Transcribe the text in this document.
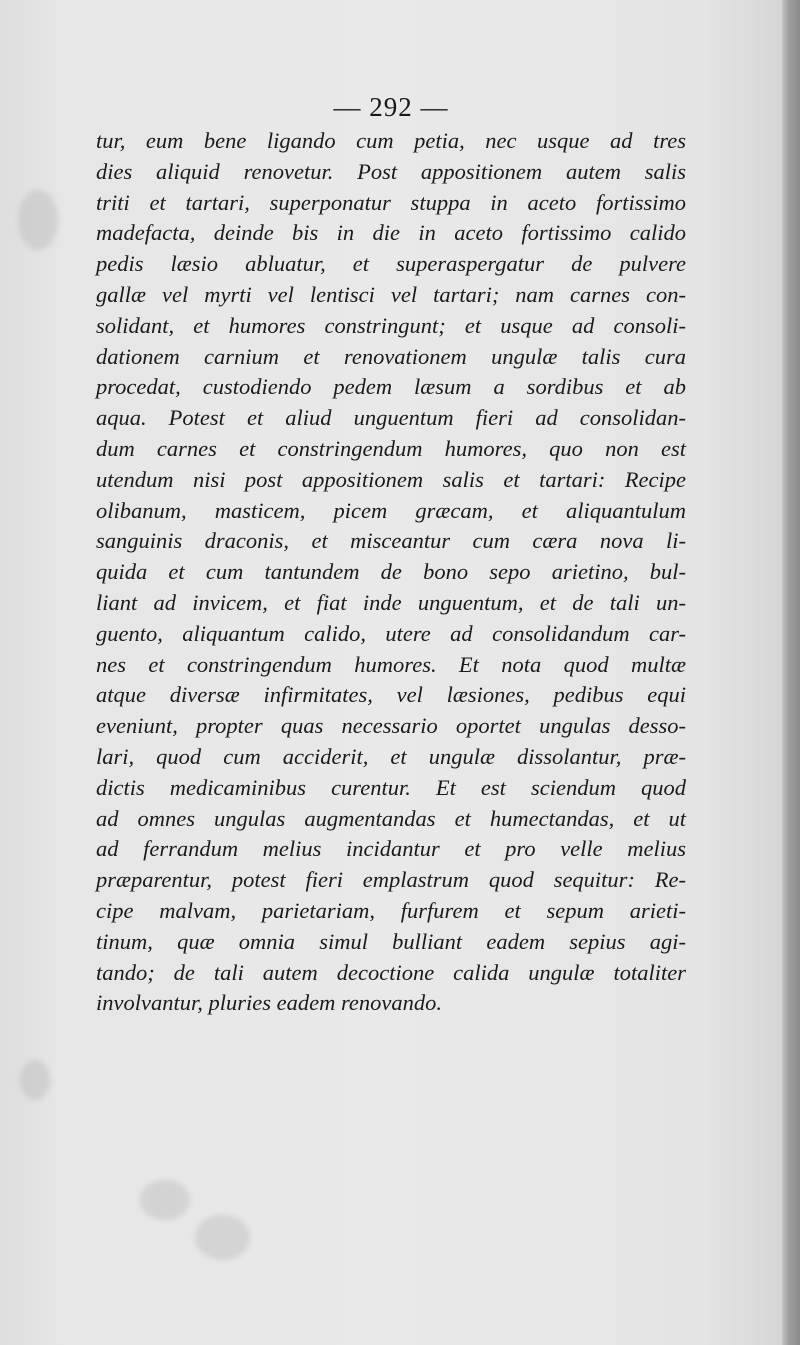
— 292 —
tur, eum bene ligando cum petia, nec usque ad tres
dies aliquid renovetur. Post appositionem autem salis
triti et tartari, superponatur stuppa in aceto fortissimo
madefacta, deinde bis in die in aceto fortissimo calido
pedis læsio abluatur, et superaspergatur de pulvere
gallæ vel myrti vel lentisci vel tartari; nam carnes con-
solidant, et humores constringunt; et usque ad consoli-
dationem carnium et renovationem ungulæ talis cura
procedat, custodiendo pedem læsum a sordibus et ab
aqua. Potest et aliud unguentum fieri ad consolidan-
dum carnes et constringendum humores, quo non est
utendum nisi post appositionem salis et tartari: Recipe
olibanum, masticem, picem græcam, et aliquantulum
sanguinis draconis, et misceantur cum cæra nova li-
quida et cum tantundem de bono sepo arietino, bul-
liant ad invicem, et fiat inde unguentum, et de tali un-
guento, aliquantum calido, utere ad consolidandum car-
nes et constringendum humores. Et nota quod multæ
atque diversæ infirmitates, vel læsiones, pedibus equi
eveniunt, propter quas necessario oportet ungulas desso-
lari, quod cum acciderit, et ungulæ dissolantur, præ-
dictis medicaminibus curentur. Et est sciendum quod
ad omnes ungulas augmentandas et humectandas, et ut
ad ferrandum melius incidantur et pro velle melius
præparentur, potest fieri emplastrum quod sequitur: Re-
cipe malvam, parietariam, furfurem et sepum arieti-
tinum, quæ omnia simul bulliant eadem sepius agi-
tando; de tali autem decoctione calida ungulæ totaliter
involvantur, pluries eadem renovando.
